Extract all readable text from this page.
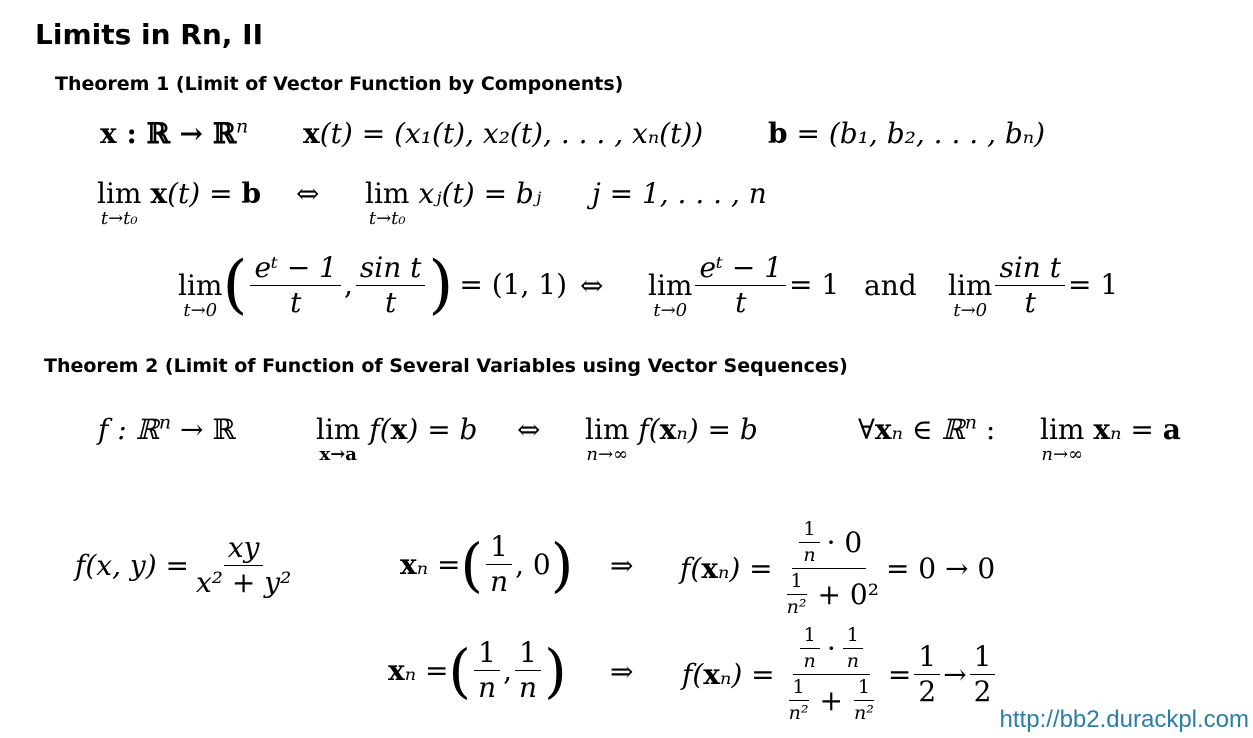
Limits in Rn, II
Theorem 1 (Limit of Vector Function by Components)
x : ℝ → ℝ$^n$ x(t) = (x₁(t), x₂(t), . . . , xₙ(t)) b = (b₁, b₂, . . . , bₙ)
lim
t→t₀
x(t) = b ⇔ lim
t→t₀
xⱼ(t) = bⱼ j = 1, . . . , n
lim
t→0 ( $\frac{\text{eᵗ − 1}}{t}$ , $\frac{\text{sin t}}{t}$ ) = (1, 1) ⇔ lim
$t\to 0 \frac{\text{eᵗ − 1}}{t} = 1$ and lim
$t\to 0 \frac{\text{sin t}}{t} = 1$
Theorem 2 (Limit of Function of Several Variables using Vector Sequences)
f : ℝ$^n$ → ℝ	lim
x→a
f(x) = b ⇔ lim
n→∞
f(xₙ) = b	∀xₙ ∈ ℝ$^n$ : lim
n→∞
xₙ = a
f(x, $y) = \frac{xy}{\text{x² + y²}}$	x ₙ = ( $\frac{1}{n}$ , 0 ) ⇒ f( x $_n) = \frac{\frac{1}{n} \cdot 0}{\frac{1}{\text{n²}} + 0^2} = 0 \to 0$
x ₙ = ( $\frac{1}{n}$ , $\frac{1}{n}$ ) ⇒ f( x $_n) = \frac{\frac{1}{n} \cdot \frac{1}{n}}{\frac{1}{\text{n²}} + \frac{1}{\text{n²}}} = \frac{1}{2} \to \frac{1}{2}$
http://bb2.durackpl.com
